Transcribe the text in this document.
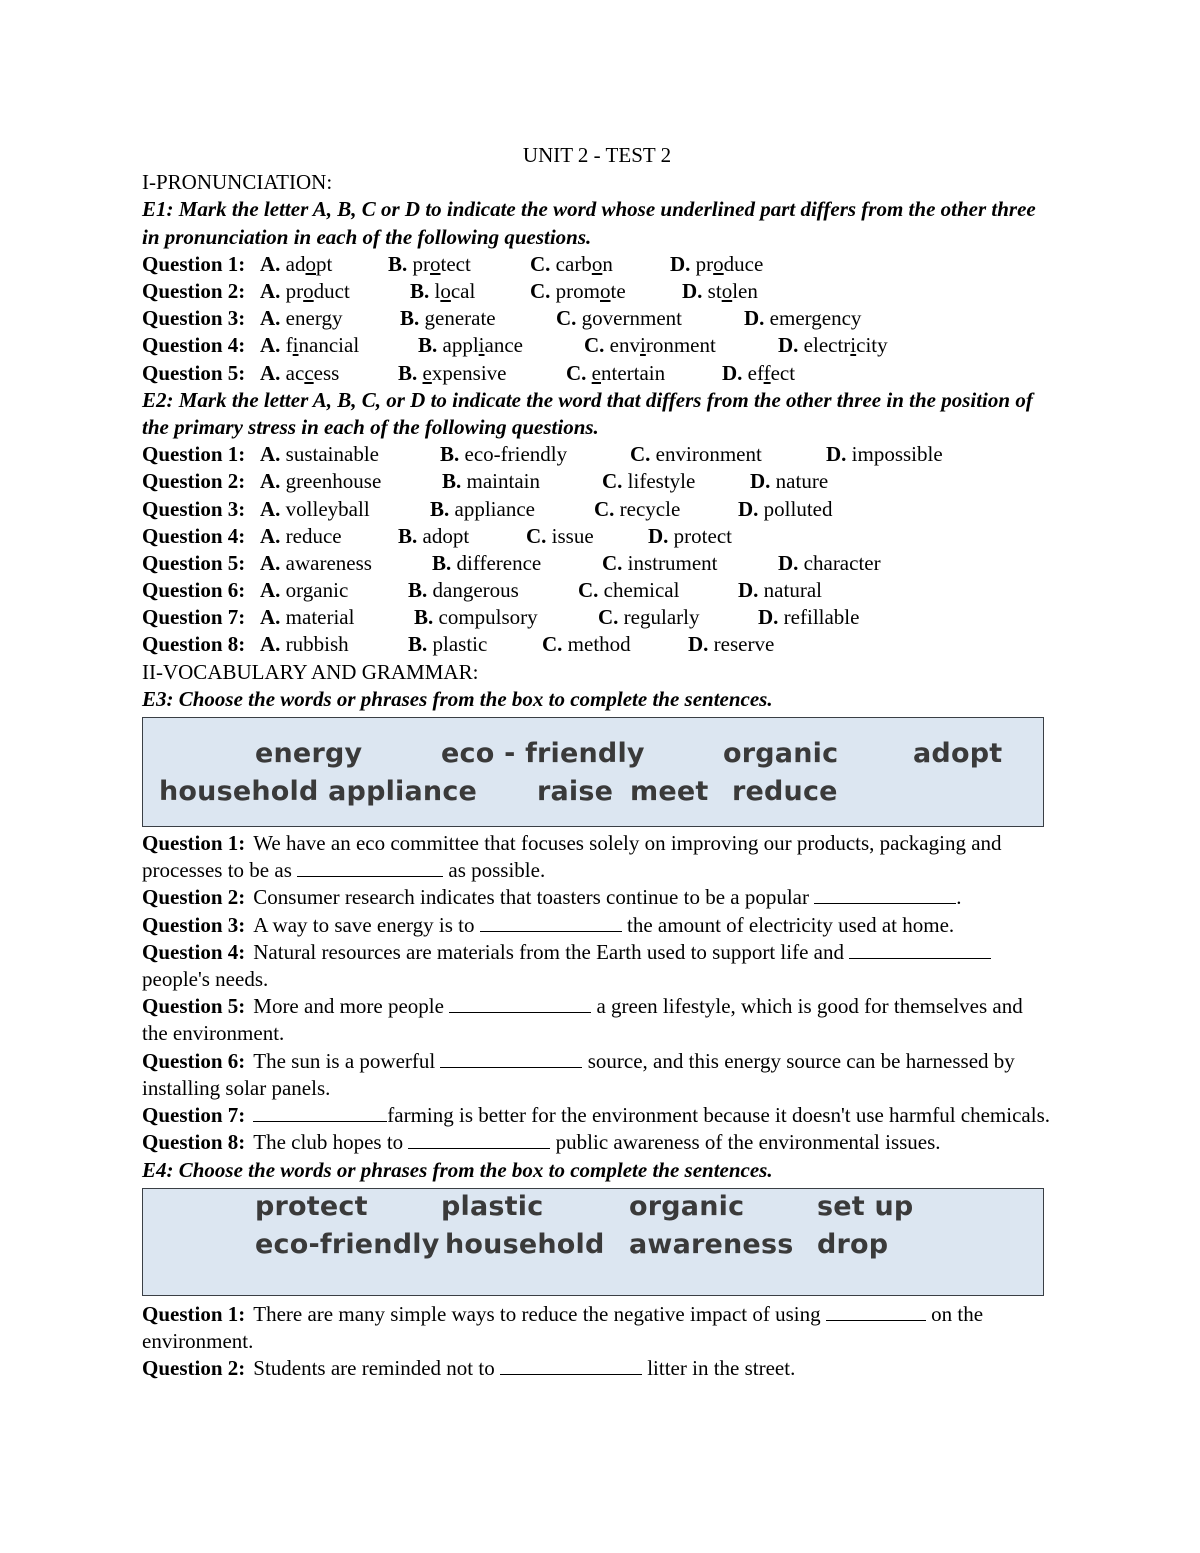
UNIT 2 - TEST 2
I-PRONUNCIATION:
E1: Mark the letter A, B, C or D to indicate the word whose underlined part differs from the other three in pronunciation in each of the following questions.
Question 1: A. adopt	B. protect	C. carbon	D. produce
Question 2: A. product	B. local	C. promote	D. stolen
Question 3: A. energy	B. generate	C. government	D. emergency
Question 4: A. financial	B. appliance	C. environment	D. electricity
Question 5: A. access	B. expensive	C. entertain	D. effect
E2: Mark the letter A, B, C, or D to indicate the word that differs from the other three in the position of the primary stress in each of the following questions.
Question 1: A. sustainable	B. eco-friendly	C. environment	D. impossible
Question 2: A. greenhouse	B. maintain	C. lifestyle	D. nature
Question 3: A. volleyball	B. appliance	C. recycle	D. polluted
Question 4: A. reduce	B. adopt	C. issue	D. protect
Question 5: A. awareness	B. difference	C. instrument	D. character
Question 6: A. organic	B. dangerous	C. chemical	D. natural
Question 7: A. material	B. compulsory	C. regularly	D. refillable
Question 8: A. rubbish	B. plastic	C. method	D. reserve
II-VOCABULARY AND GRAMMAR:
E3: Choose the words or phrases from the box to complete the sentences.
energy	eco - friendly	organic	adopt
household appliance raise meet reduce
Question 1: We have an eco committee that focuses solely on improving our products, packaging and processes to be as	as possible.
Question 2: Consumer research indicates that toasters continue to be a popular	.
Question 3: A way to save energy is to	the amount of electricity used at home.
Question 4: Natural resources are materials from the Earth used to support life and  people's needs.
Question 5: More and more people	a green lifestyle, which is good for themselves and the environment.
Question 6: The sun is a powerful	source, and this energy source can be harnessed by installing solar panels.
Question 7:	farming is better for the environment because it doesn't use harmful chemicals.
Question 8: The club hopes to	public awareness of the environmental issues.
E4: Choose the words or phrases from the box to complete the sentences.
protect	plastic	organic	set up
eco-friendly household awareness drop
Question 1: There are many simple ways to reduce the negative impact of using	on the environment.
Question 2: Students are reminded not to	litter in the street.
